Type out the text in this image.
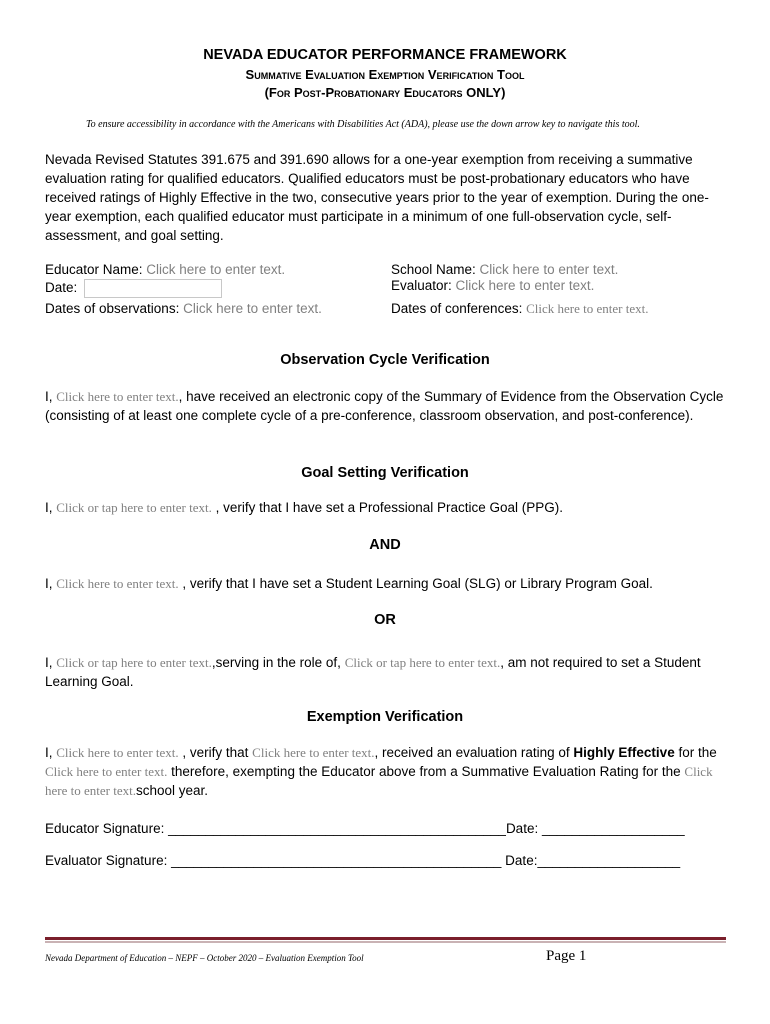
NEVADA EDUCATOR PERFORMANCE FRAMEWORK
Summative Evaluation Exemption Verification Tool
(For Post-Probationary Educators ONLY)
To ensure accessibility in accordance with the Americans with Disabilities Act (ADA), please use the down arrow key to navigate this tool.
Nevada Revised Statutes 391.675 and 391.690 allows for a one-year exemption from receiving a summative evaluation rating for qualified educators. Qualified educators must be post-probationary educators who have received ratings of Highly Effective in the two, consecutive years prior to the year of exemption. During the one-year exemption, each qualified educator must participate in a minimum of one full-observation cycle, self-assessment, and goal setting.
Educator Name: Click here to enter text.	School Name: Click here to enter text.
Date:	Evaluator: Click here to enter text.
Dates of observations: Click here to enter text.	Dates of conferences: Click here to enter text.
Observation Cycle Verification
I, Click here to enter text., have received an electronic copy of the Summary of Evidence from the Observation Cycle (consisting of at least one complete cycle of a pre-conference, classroom observation, and post-conference).
Goal Setting Verification
I, Click or tap here to enter text. , verify that I have set a Professional Practice Goal (PPG).
AND
I, Click here to enter text. , verify that I have set a Student Learning Goal (SLG) or Library Program Goal.
OR
I, Click or tap here to enter text.,serving in the role of, Click or tap here to enter text., am not required to set a Student Learning Goal.
Exemption Verification
I, Click here to enter text. , verify that Click here to enter text., received an evaluation rating of Highly Effective for the Click here to enter text. therefore, exempting the Educator above from a Summative Evaluation Rating for the Click here to enter text.school year.
Educator Signature: _____________________________________________Date: ___________________
Evaluator Signature: ____________________________________________ Date:___________________
Nevada Department of Education – NEPF – October 2020 – Evaluation Exemption Tool	Page 1
